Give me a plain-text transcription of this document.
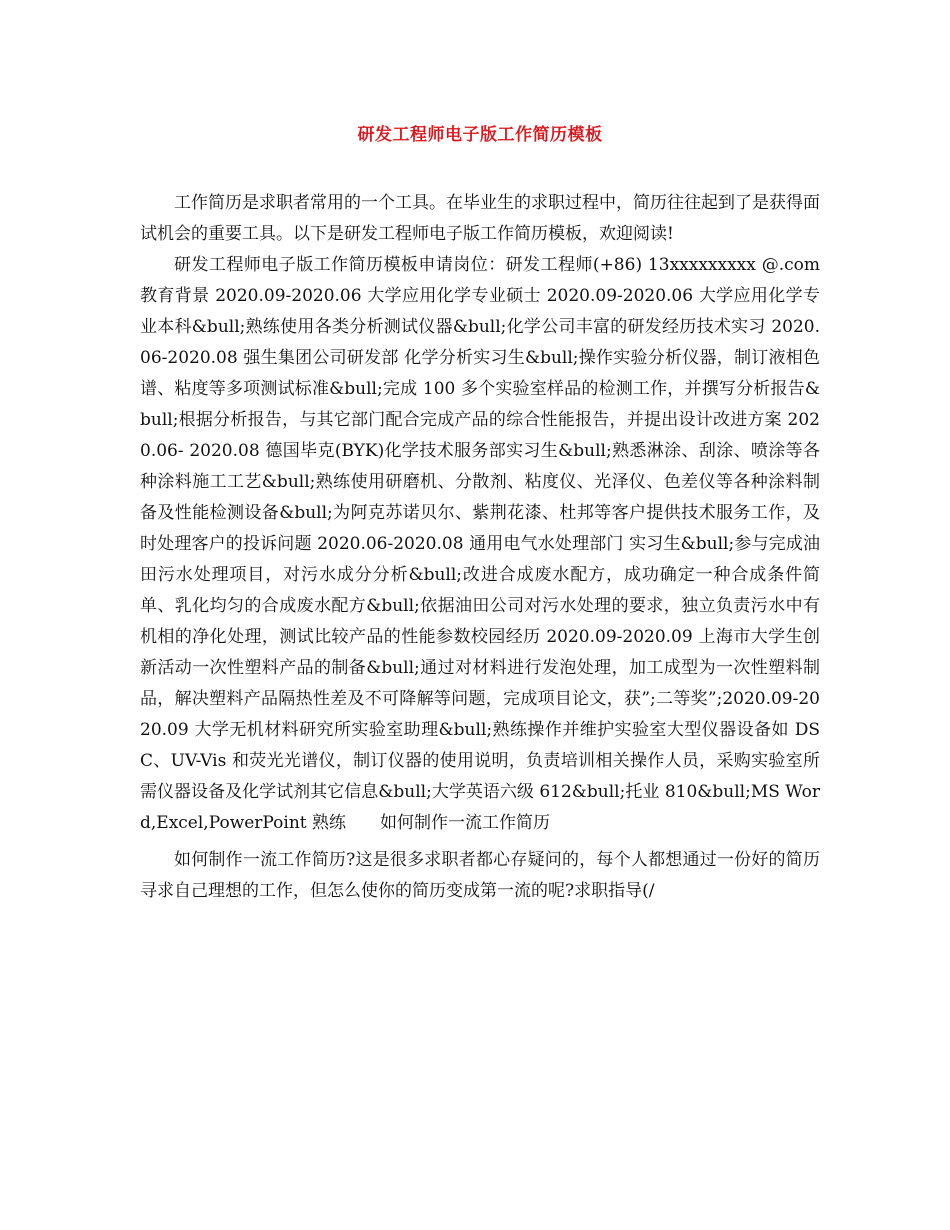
研发工程师电子版工作简历模板

工作简历是求职者常用的一个工具。在毕业生的求职过程中，简历往往起到了是获得面试机会的重要工具。以下是研发工程师电子版工作简历模板，欢迎阅读!

研发工程师电子版工作简历模板申请岗位：研发工程师(+86) 13xxxxxxxxx @.com 教育背景 2020.09-2020.06 大学应用化学专业硕士 2020.09-2020.06 大学应用化学专业本科&bull;熟练使用各类分析测试仪器&bull;化学公司丰富的研发经历技术实习 2020.06-2020.08 强生集团公司研发部 化学分析实习生&bull;操作实验分析仪器，制订液相色谱、粘度等多项测试标准&bull;完成 100 多个实验室样品的检测工作，并撰写分析报告&bull;根据分析报告，与其它部门配合完成产品的综合性能报告，并提出设计改进方案 2020.06- 2020.08 德国毕克(BYK)化学技术服务部实习生&bull;熟悉淋涂、刮涂、喷涂等各种涂料施工工艺&bull;熟练使用研磨机、分散剂、粘度仪、光泽仪、色差仪等各种涂料制备及性能检测设备&bull;为阿克苏诺贝尔、紫荆花漆、杜邦等客户提供技术服务工作，及时处理客户的投诉问题 2020.06-2020.08 通用电气水处理部门 实习生&bull;参与完成油田污水处理项目，对污水成分分析&bull;改进合成废水配方，成功确定一种合成条件简单、乳化均匀的合成废水配方&bull;依据油田公司对污水处理的要求，独立负责污水中有机相的净化处理，测试比较产品的性能参数校园经历 2020.09-2020.09 上海市大学生创新活动一次性塑料产品的制备&bull;通过对材料进行发泡处理，加工成型为一次性塑料制品，解决塑料产品隔热性差及不可降解等问题，完成项目论文，获”;二等奖”;2020.09-2020.09 大学无机材料研究所实验室助理&bull;熟练操作并维护实验室大型仪器设备如 DSC、UV-Vis 和荧光光谱仪，制订仪器的使用说明，负责培训相关操作人员，采购实验室所需仪器设备及化学试剂其它信息&bull;大学英语六级 612&bull;托业 810&bull;MS Word,Excel,PowerPoint 熟练　　如何制作一流工作简历

如何制作一流工作简历?这是很多求职者都心存疑问的，每个人都想通过一份好的简历寻求自己理想的工作，但怎么使你的简历变成第一流的呢?求职指导(/
